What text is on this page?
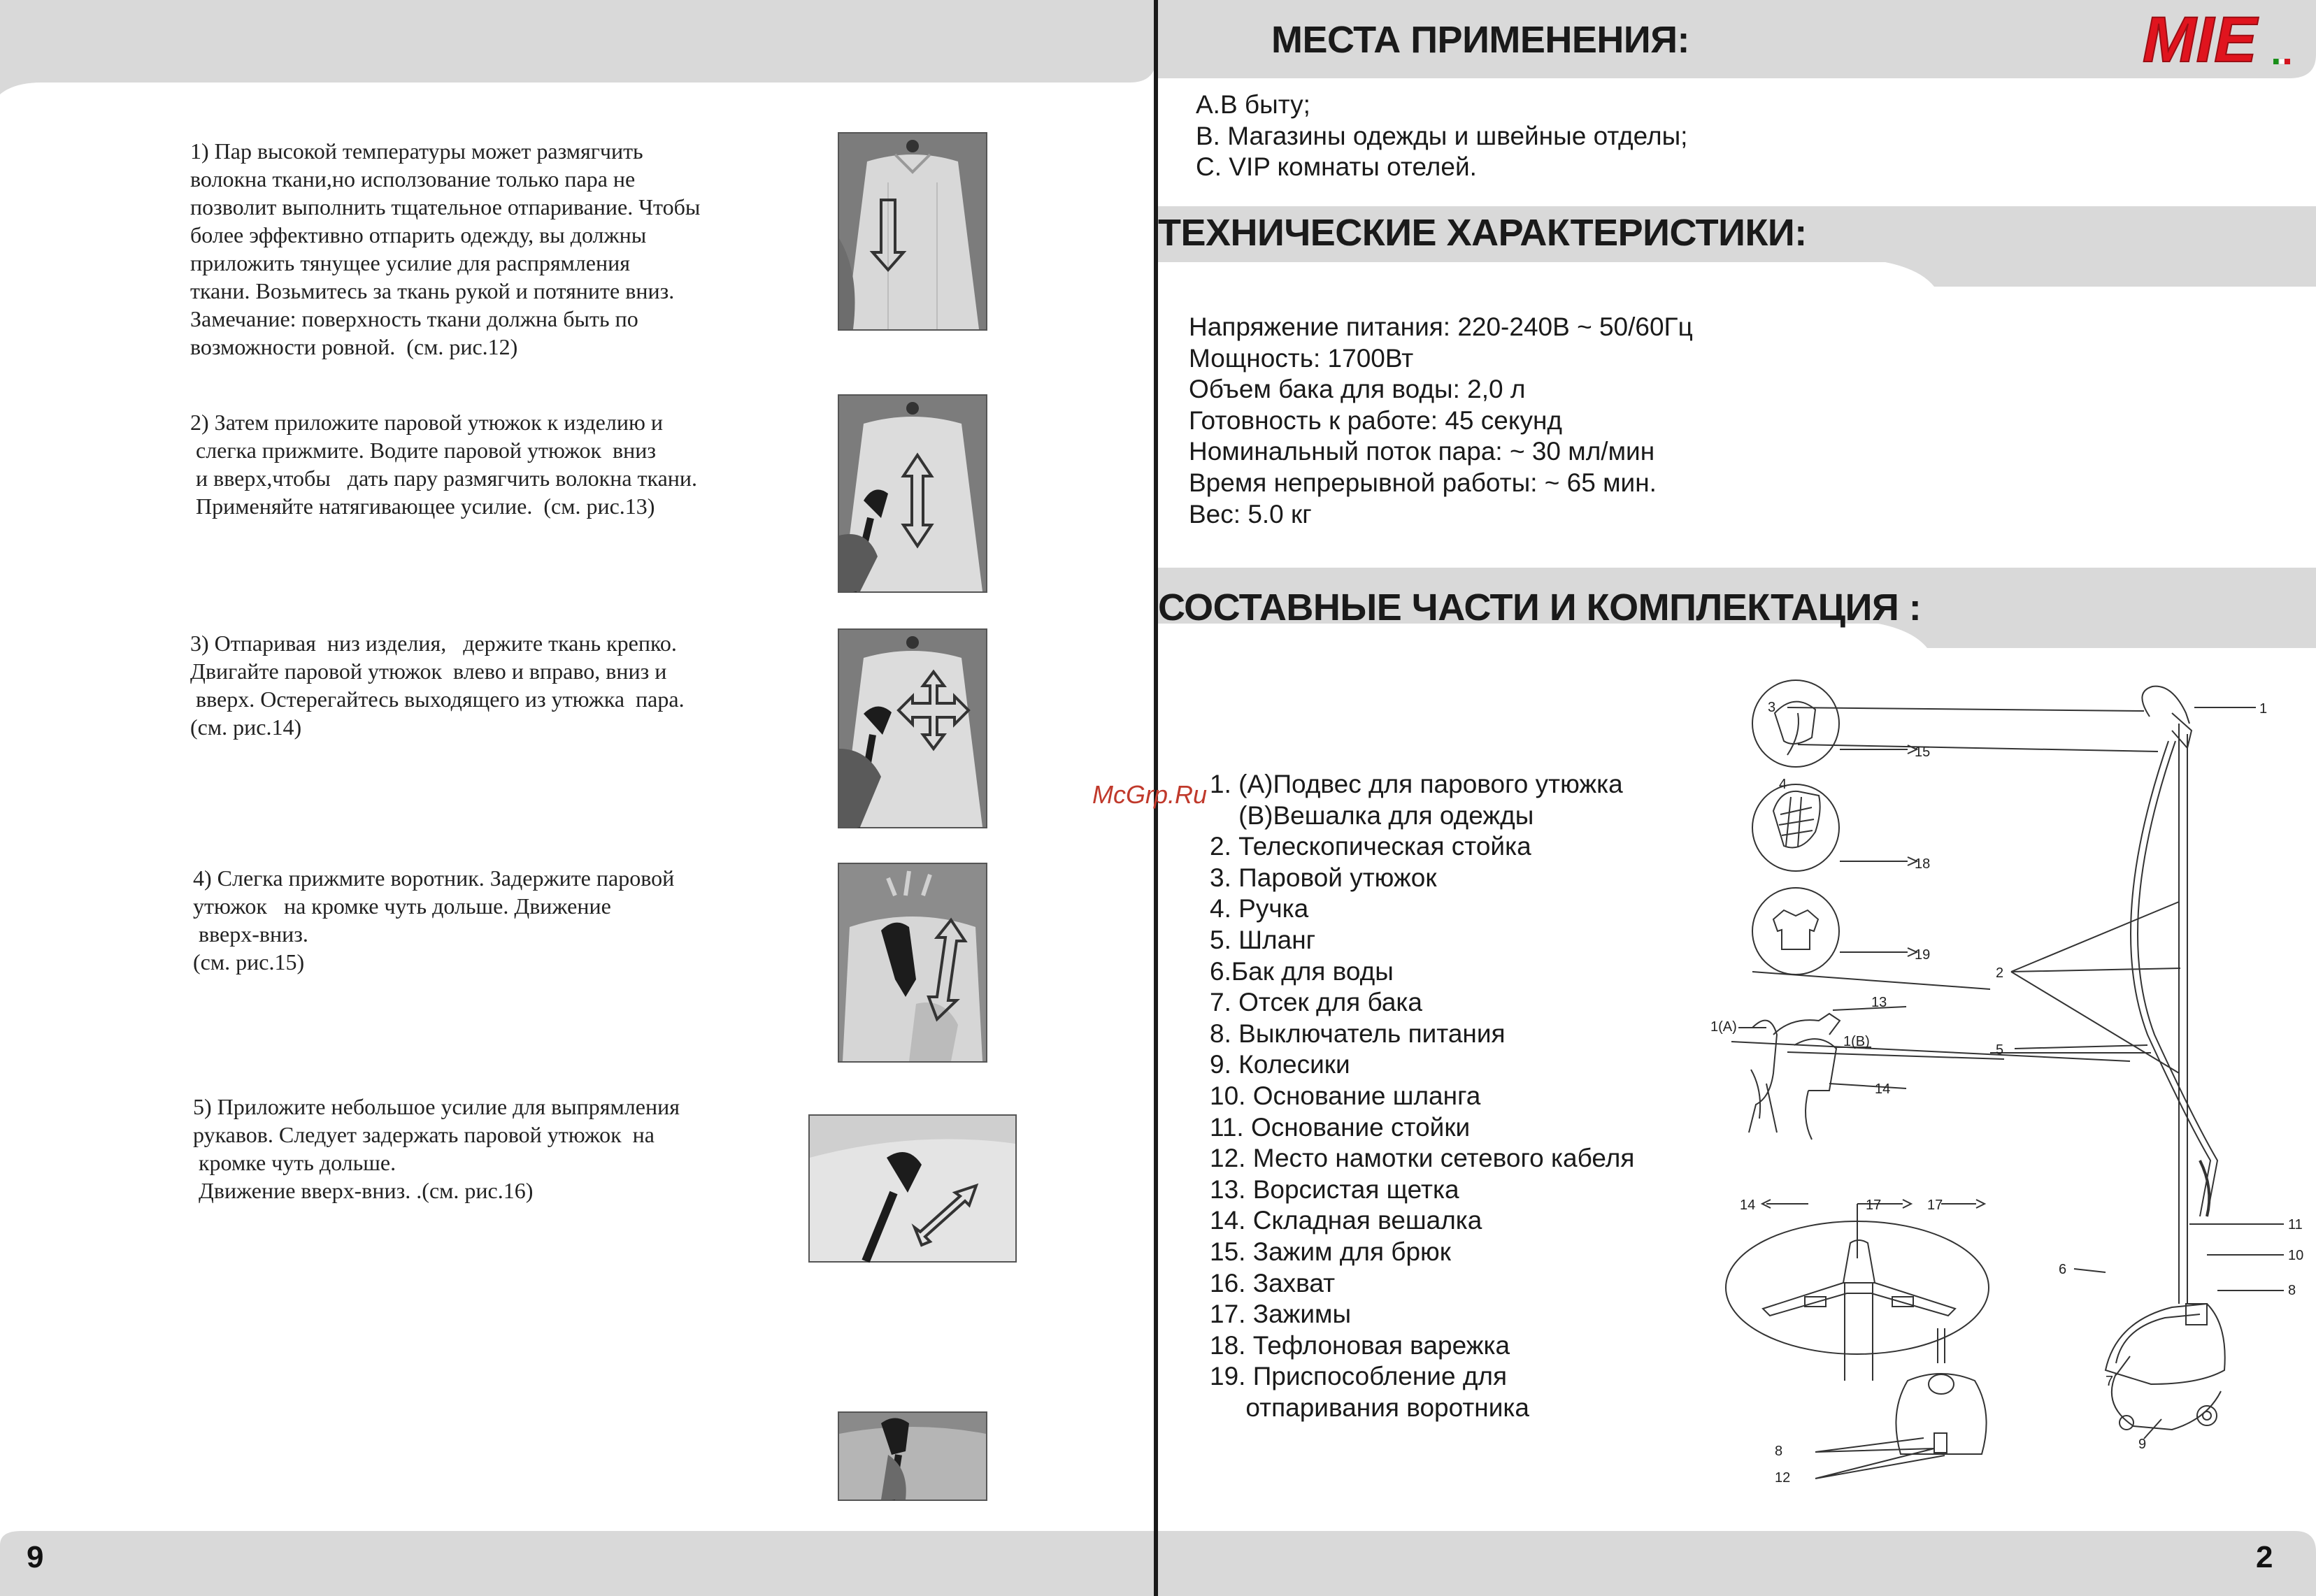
9
1) Пар высокой температуры может размягчить
волокна ткани,но исползование только пара не
позволит выполнить тщательное отпаривание. Чтобы
более эффективно отпарить одежду, вы должны
приложить тянущее усилие для распрямления
ткани. Возьмитесь за ткань рукой и потяните вниз.
Замечание: поверхность ткани должна быть по
возможности ровной.  (см. рис.12)
2) Затем приложите паровой утюжок к изделию и
слегка прижмите. Водите паровой утюжок  вниз
и вверх,чтобы   дать пару размягчить волокна ткани.
Применяйте натягивающее усилие.  (см. рис.13)
3) Отпаривая  низ изделия,   держите ткань крепко.
Двигайте паровой утюжок  влево и вправо, вниз и
вверх. Остерегайтесь выходящего из утюжка  пара.
(см. рис.14)
4) Слегка прижмите воротник. Задержите паровой
утюжок   на кромке чуть дольше. Движение
вверх-вниз.
(см. рис.15)
5) Приложите небольшое усилие для выпрямления
рукавов. Следует задержать паровой утюжок  на
кромке чуть дольше.
Движение вверх-вниз. .(см. рис.16)
МЕСТА ПРИМЕНЕНИЯ:	MIE
A.В быту;
B. Магазины одежды и швейные отделы;
C. VIP комнаты отелей.
ТЕХНИЧЕСКИЕ ХАРАКТЕРИСТИКИ:
Напряжение питания: 220-240В ~ 50/60Гц
Мощность: 1700Вт
Объем бака для воды: 2,0 л
Готовность к работе: 45 секунд
Номинальный поток пара: ~ 30 мл/мин
Время непрерывной работы: ~ 65 мин.
Вес: 5.0 кг
СОСТАВНЫЕ ЧАСТИ И КОМПЛЕКТАЦИЯ :
1. (А)Подвес для парового утюжка
(В)Вешалка для одежды
2. Телескопическая стойка
3. Паровой утюжок
4. Ручка
5. Шланг
6.Бак для воды
7. Отсек для бака
8. Выключатель питания
9. Колесики
10. Основание шланга
11. Основание стойки
12. Место намотки сетевого кабеля
13. Ворсистая щетка
14. Складная вешалка
15. Зажим для брюк
16. Захват
17. Зажимы
18. Тефлоновая варежка
19. Приспособление для
отпаривания воротника
McGrp.Ru
15
18
19
13
1(A)
1(B)
14
14	17	17
8
12
3	1
4
2
5
11
10
8
6
7
9
2
